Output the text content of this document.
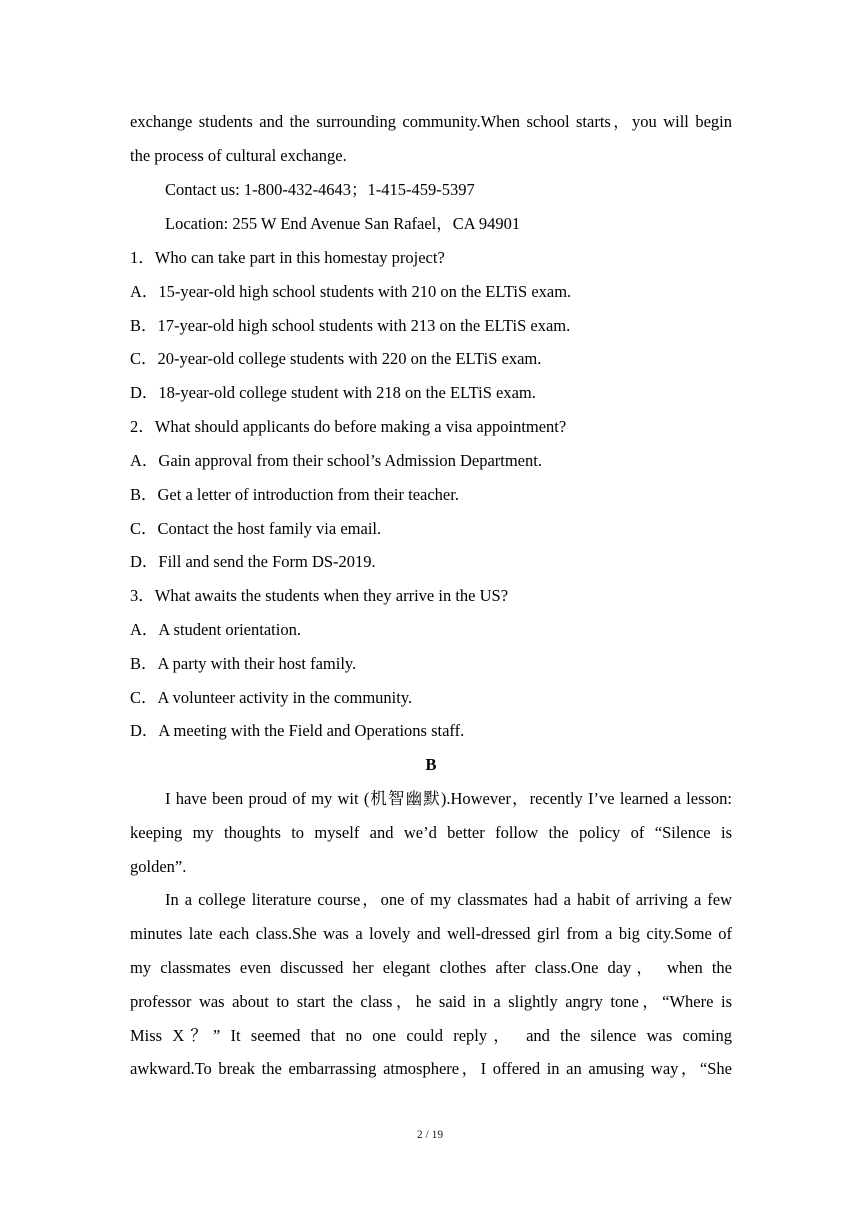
exchange students and the surrounding community.When school starts，you will begin
the process of cultural exchange.
Contact us: 1-800-432-4643；1-415-459-5397
Location: 255 W End Avenue San Rafael，CA 94901
1．Who can take part in this homestay project?
A．15-year-old high school students with 210 on the ELTiS exam.
B．17-year-old high school students with 213 on the ELTiS exam.
C．20-year-old college students with 220 on the ELTiS exam.
D．18-year-old college student with 218 on the ELTiS exam.
2．What should applicants do before making a visa appointment?
A．Gain approval from their school’s Admission Department.
B．Get a letter of introduction from their teacher.
C．Contact the host family via email.
D．Fill and send the Form DS-2019.
3．What awaits the students when they arrive in the US?
A．A student orientation.
B．A party with their host family.
C．A volunteer activity in the community.
D．A meeting with the Field and Operations staff.
B
I have been proud of my wit (机智幽默).However，recently I’ve learned a lesson:
keeping my thoughts to myself and we’d better follow the policy of “Silence is
golden”.
In a college literature course，one of my classmates had a habit of arriving a few
minutes late each class.She was a lovely and well-dressed girl from a big city.Some of
my classmates even discussed her elegant clothes after class.One day， when the
professor was about to start the class，he said in a slightly angry tone，“Where is
Miss X？” It seemed that no one could reply， and the silence was coming
awkward.To break the embarrassing atmosphere，I offered in an amusing way，“She
2 / 19
